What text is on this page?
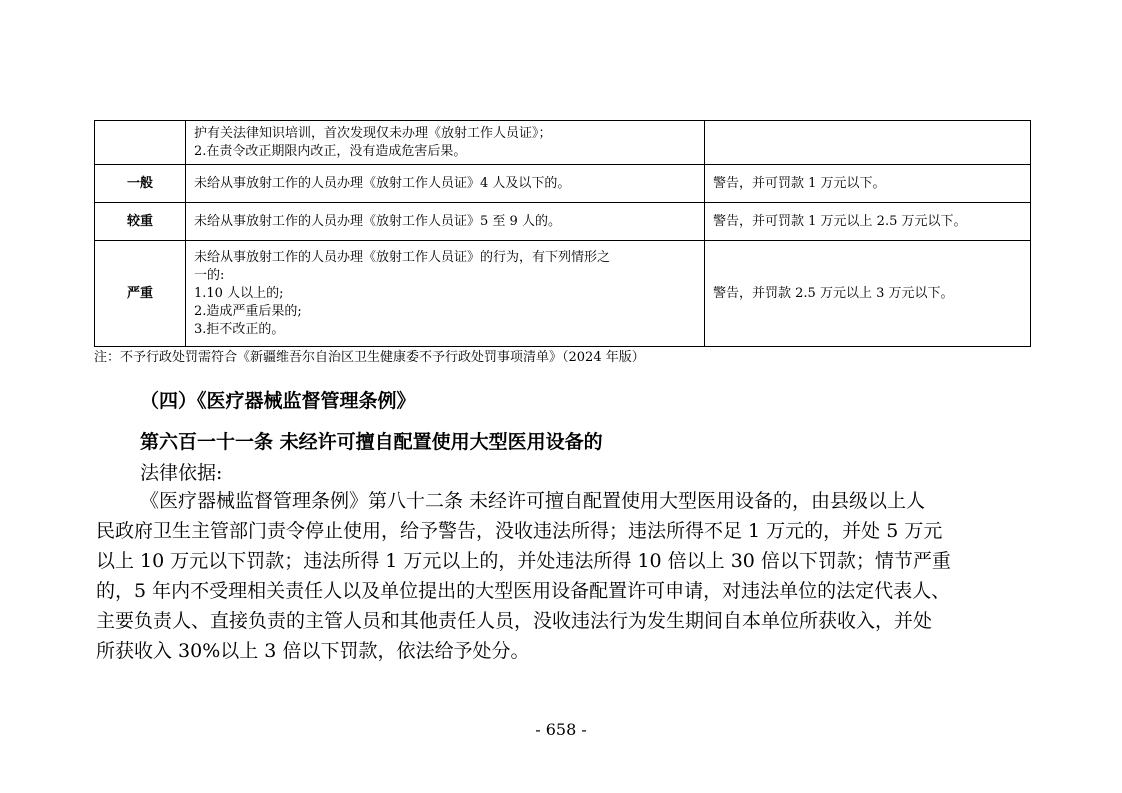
	护有关法律知识培训，首次发现仅未办理《放射工作人员证》；
2.在责令改正期限内改正，没有造成危害后果。	

一般	未给从事放射工作的人员办理《放射工作人员证》4 人及以下的。	警告，并可罚款 1 万元以下。
较重	未给从事放射工作的人员办理《放射工作人员证》5 至 9 人的。	警告，并可罚款 1 万元以上 2.5 万元以下。
严重	未给从事放射工作的人员办理《放射工作人员证》的行为，有下列情形之
一的:
1.10 人以上的;
2.造成严重后果的;
3.拒不改正的。	警告，并罚款 2.5 万元以上 3 万元以下。
注：不予行政处罚需符合《新疆维吾尔自治区卫生健康委不予行政处罚事项清单》（2024 年版）
（四）《医疗器械监督管理条例》
第六百一十一条 未经许可擅自配置使用大型医用设备的
法律依据:
《医疗器械监督管理条例》第八十二条 未经许可擅自配置使用大型医用设备的，由县级以上人
民政府卫生主管部门责令停止使用，给予警告，没收违法所得；违法所得不足 1 万元的，并处 5 万元
以上 10 万元以下罚款；违法所得 1 万元以上的，并处违法所得 10 倍以上 30 倍以下罚款；情节严重
的，5 年内不受理相关责任人以及单位提出的大型医用设备配置许可申请，对违法单位的法定代表人、
主要负责人、直接负责的主管人员和其他责任人员，没收违法行为发生期间自本单位所获收入，并处
所获收入 30%以上 3 倍以下罚款，依法给予处分。
- 658 -
